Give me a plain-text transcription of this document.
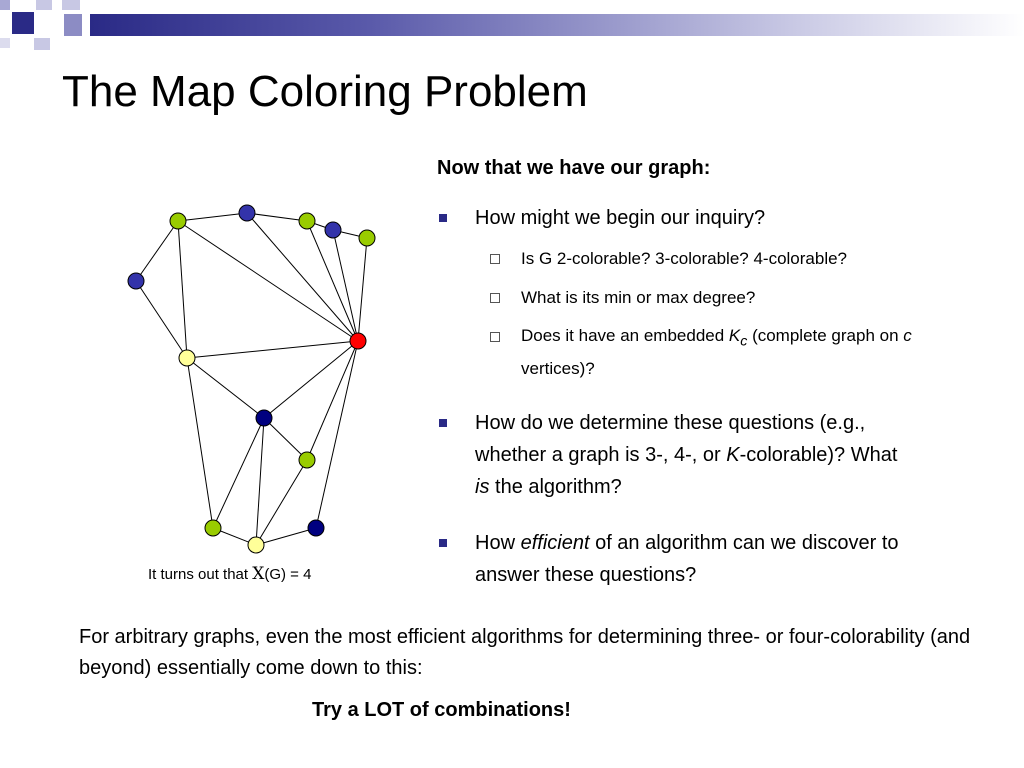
The Map Coloring Problem
It turns out that X(G) = 4
Now that we have our graph:
How might we begin our inquiry?
Is G 2-colorable? 3-colorable? 4-colorable?
What is its min or max degree?
Does it have an embedded $K_c$ (complete graph on c vertices)?
How do we determine these questions (e.g., whether a graph is 3-, 4-, or K-colorable)? What is the algorithm?
How efficient of an algorithm can we discover to answer these questions?
For arbitrary graphs, even the most efficient algorithms for determining three- or four-colorability (and beyond) essentially come down to this:
Try a LOT of combinations!
